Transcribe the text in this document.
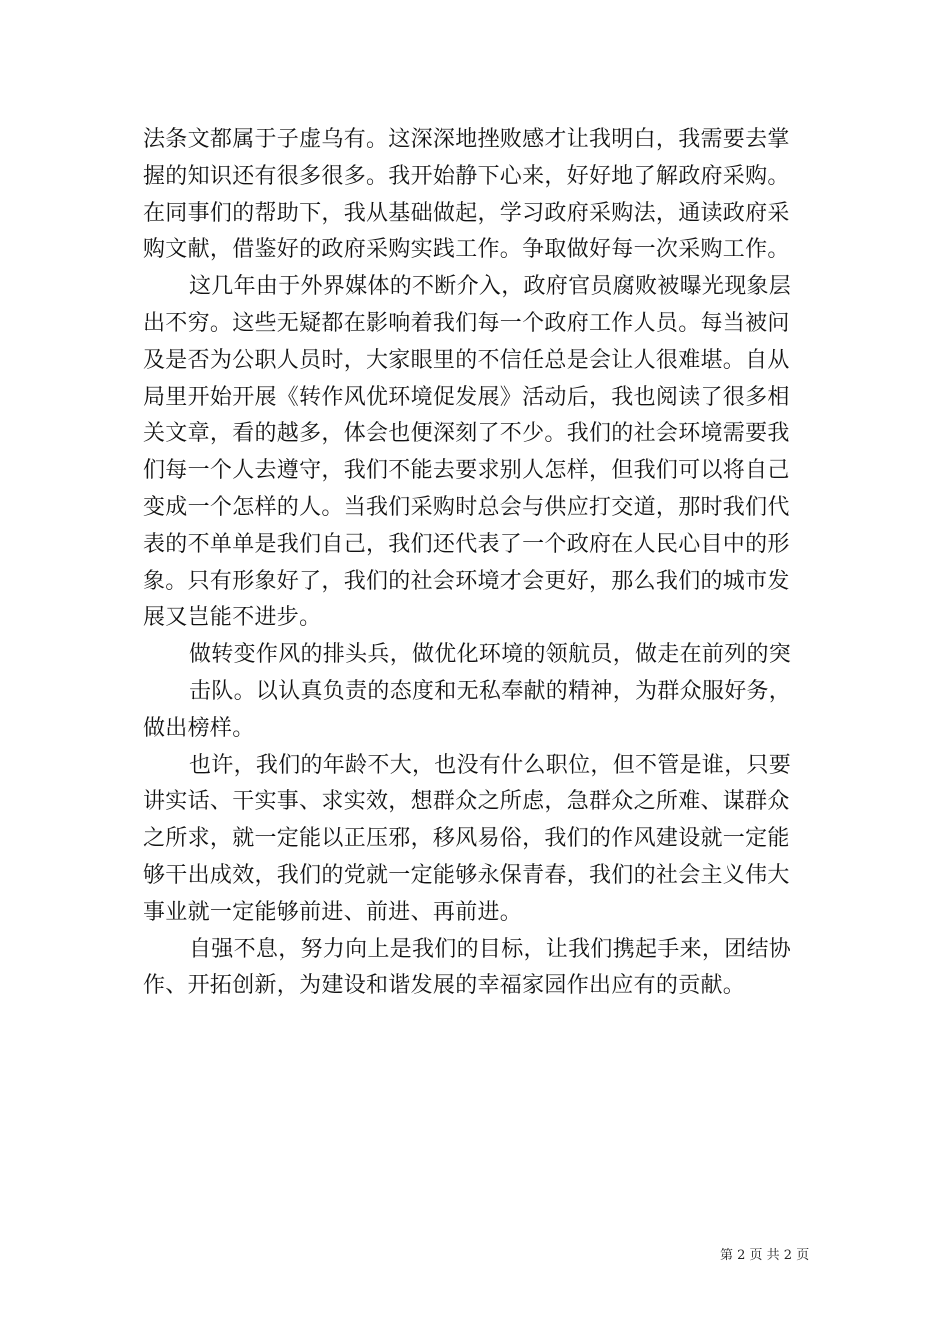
法条文都属于子虚乌有。这深深地挫败感才让我明白，我需要去掌
握的知识还有很多很多。我开始静下心来，好好地了解政府采购。
在同事们的帮助下，我从基础做起，学习政府采购法，通读政府采
购文献，借鉴好的政府采购实践工作。争取做好每一次采购工作。
这几年由于外界媒体的不断介入，政府官员腐败被曝光现象层
出不穷。这些无疑都在影响着我们每一个政府工作人员。每当被问
及是否为公职人员时，大家眼里的不信任总是会让人很难堪。自从
局里开始开展《转作风优环境促发展》活动后，我也阅读了很多相
关文章，看的越多，体会也便深刻了不少。我们的社会环境需要我
们每一个人去遵守，我们不能去要求别人怎样，但我们可以将自己
变成一个怎样的人。当我们采购时总会与供应打交道，那时我们代
表的不单单是我们自己，我们还代表了一个政府在人民心目中的形
象。只有形象好了，我们的社会环境才会更好，那么我们的城市发
展又岂能不进步。
做转变作风的排头兵，做优化环境的领航员，做走在前列的突
击队。以认真负责的态度和无私奉献的精神，为群众服好务，
做出榜样。
也许，我们的年龄不大，也没有什么职位，但不管是谁，只要
讲实话、干实事、求实效，想群众之所虑，急群众之所难、谋群众
之所求，就一定能以正压邪，移风易俗，我们的作风建设就一定能
够干出成效，我们的党就一定能够永保青春，我们的社会主义伟大
事业就一定能够前进、前进、再前进。
自强不息，努力向上是我们的目标，让我们携起手来，团结协
作、开拓创新，为建设和谐发展的幸福家园作出应有的贡献。
第 2 页 共 2 页
